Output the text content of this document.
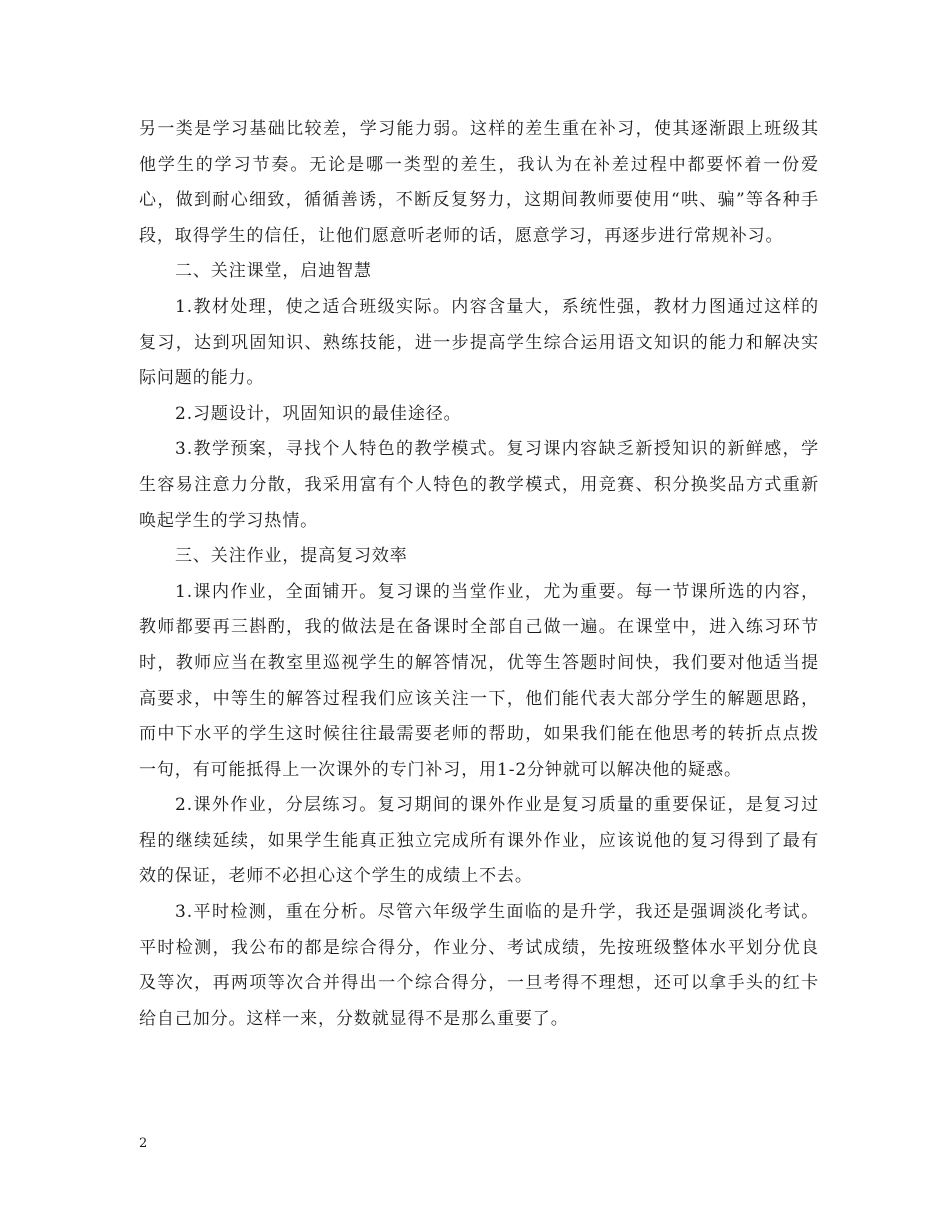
另一类是学习基础比较差，学习能力弱。这样的差生重在补习，使其逐渐跟上班级其他学生的学习节奏。无论是哪一类型的差生，我认为在补差过程中都要怀着一份爱心，做到耐心细致，循循善诱，不断反复努力，这期间教师要使用“哄、骗”等各种手段，取得学生的信任，让他们愿意听老师的话，愿意学习，再逐步进行常规补习。

二、关注课堂，启迪智慧

1.教材处理，使之适合班级实际。内容含量大，系统性强，教材力图通过这样的复习，达到巩固知识、熟练技能，进一步提高学生综合运用语文知识的能力和解决实际问题的能力。

2.习题设计，巩固知识的最佳途径。

3.教学预案，寻找个人特色的教学模式。复习课内容缺乏新授知识的新鲜感，学生容易注意力分散，我采用富有个人特色的教学模式，用竞赛、积分换奖品方式重新唤起学生的学习热情。

三、关注作业，提高复习效率

1.课内作业，全面铺开。复习课的当堂作业，尤为重要。每一节课所选的内容，教师都要再三斟酌，我的做法是在备课时全部自己做一遍。在课堂中，进入练习环节时，教师应当在教室里巡视学生的解答情况，优等生答题时间快，我们要对他适当提高要求，中等生的解答过程我们应该关注一下，他们能代表大部分学生的解题思路，而中下水平的学生这时候往往最需要老师的帮助，如果我们能在他思考的转折点点拨一句，有可能抵得上一次课外的专门补习，用1-2分钟就可以解决他的疑惑。

2.课外作业，分层练习。复习期间的课外作业是复习质量的重要保证，是复习过程的继续延续，如果学生能真正独立完成所有课外作业，应该说他的复习得到了最有效的保证，老师不必担心这个学生的成绩上不去。

3.平时检测，重在分析。尽管六年级学生面临的是升学，我还是强调淡化考试。平时检测，我公布的都是综合得分，作业分、考试成绩，先按班级整体水平划分优良及等次，再两项等次合并得出一个综合得分，一旦考得不理想，还可以拿手头的红卡给自己加分。这样一来，分数就显得不是那么重要了。

2
